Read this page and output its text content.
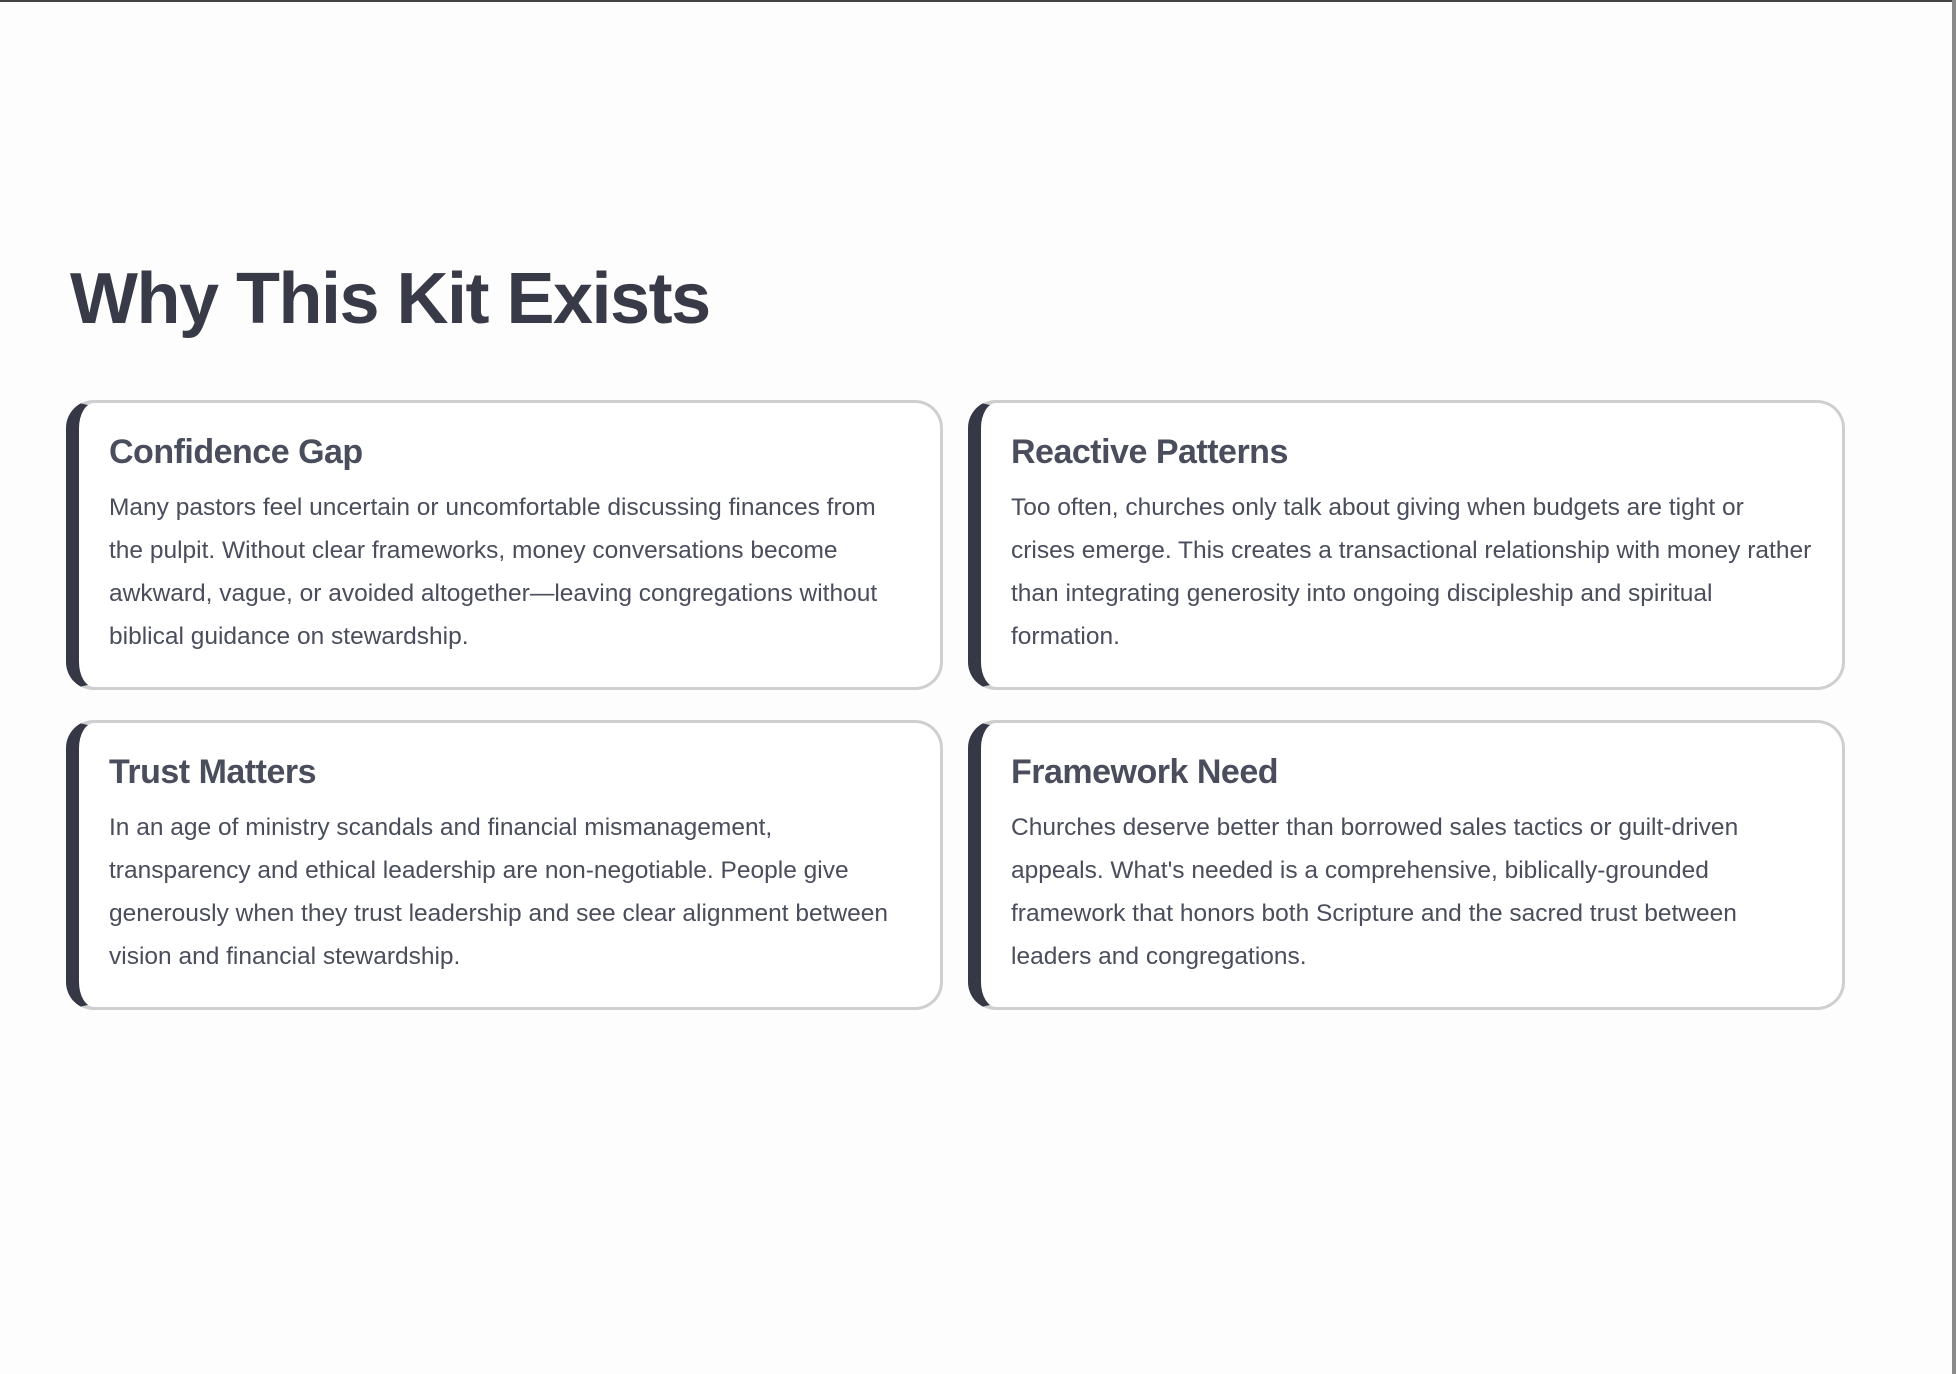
Why This Kit Exists
Confidence Gap

Many pastors feel uncertain or uncomfortable discussing finances from the pulpit. Without clear frameworks, money conversations become awkward, vague, or avoided altogether—leaving congregations without biblical guidance on stewardship.

Reactive Patterns

Too often, churches only talk about giving when budgets are tight or crises emerge. This creates a transactional relationship with money rather than integrating generosity into ongoing discipleship and spiritual formation.

Trust Matters

In an age of ministry scandals and financial mismanagement, transparency and ethical leadership are non-negotiable. People give generously when they trust leadership and see clear alignment between vision and financial stewardship.

Framework Need

Churches deserve better than borrowed sales tactics or guilt-driven appeals. What's needed is a comprehensive, biblically-grounded framework that honors both Scripture and the sacred trust between leaders and congregations.
